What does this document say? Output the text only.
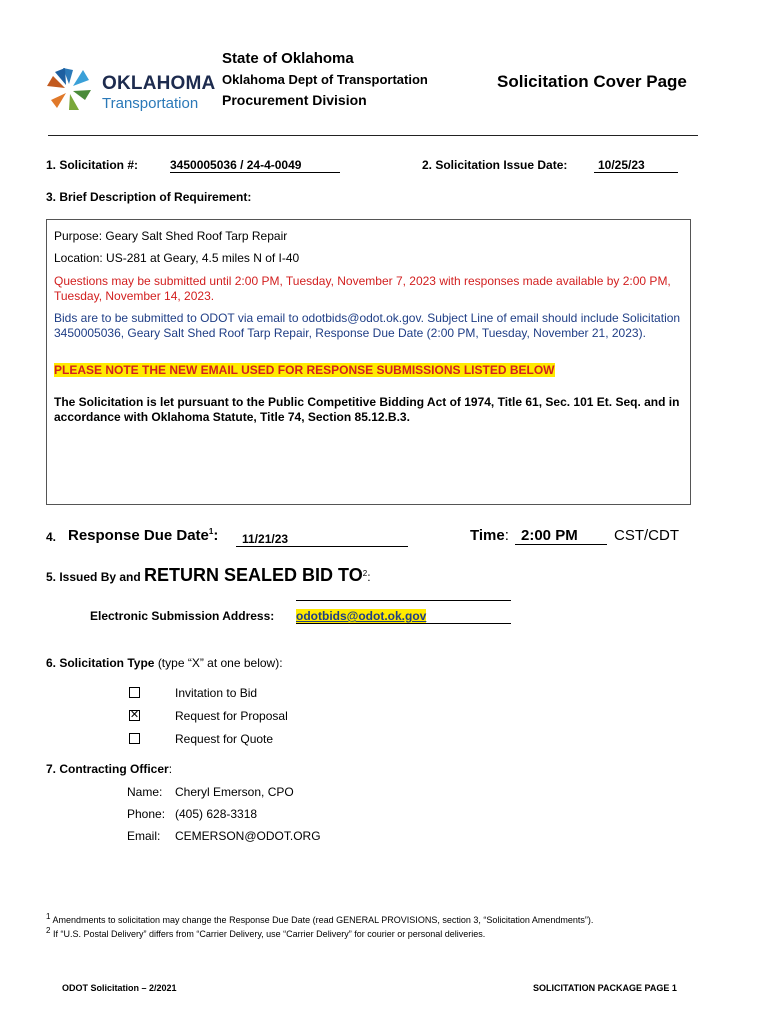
OKLAHOMA
Transportation
State of Oklahoma
Oklahoma Dept of Transportation
Procurement Division
Solicitation Cover Page
1. Solicitation #:	3450005036 / 24-4-0049	2. Solicitation Issue Date:	10/25/23
3. Brief Description of Requirement:
Purpose: Geary Salt Shed Roof Tarp Repair
Location: US-281 at Geary, 4.5 miles N of I-40
Questions may be submitted until 2:00 PM, Tuesday, November 7, 2023 with responses made available by 2:00 PM, Tuesday, November 14, 2023.
Bids are to be submitted to ODOT via email to odotbids@odot.ok.gov. Subject Line of email should include Solicitation 3450005036, Geary Salt Shed Roof Tarp Repair, Response Due Date (2:00 PM, Tuesday, November 21, 2023).
PLEASE NOTE THE NEW EMAIL USED FOR RESPONSE SUBMISSIONS LISTED BELOW
The Solicitation is let pursuant to the Public Competitive Bidding Act of 1974, Title 61, Sec. 101 Et. Seq. and in accordance with Oklahoma Statute, Title 74, Section 85.12.B.3.
4. Response Due Date$^1$:	11/21/23	Time: 2:00 PM	CST/CDT
5. Issued By and RETURN SEALED BID $TO^2$:
Electronic Submission Address: odotbids@odot.ok.gov
6. Solicitation Type (type “X” at one below):
Invitation to Bid
✕	Request for Proposal
Request for Quote
7. Contracting Officer:
Name: Cheryl Emerson, CPO
Phone: (405) 628-3318
Email: CEMERSON@ODOT.ORG
$^1$ Amendments to solicitation may change the Response Due Date (read GENERAL PROVISIONS, section 3, “Solicitation Amendments”).
$^2$ If “U.S. Postal Delivery” differs from “Carrier Delivery, use “Carrier Delivery” for courier or personal deliveries.
ODOT Solicitation – 2/2021	SOLICITATION PACKAGE PAGE 1
